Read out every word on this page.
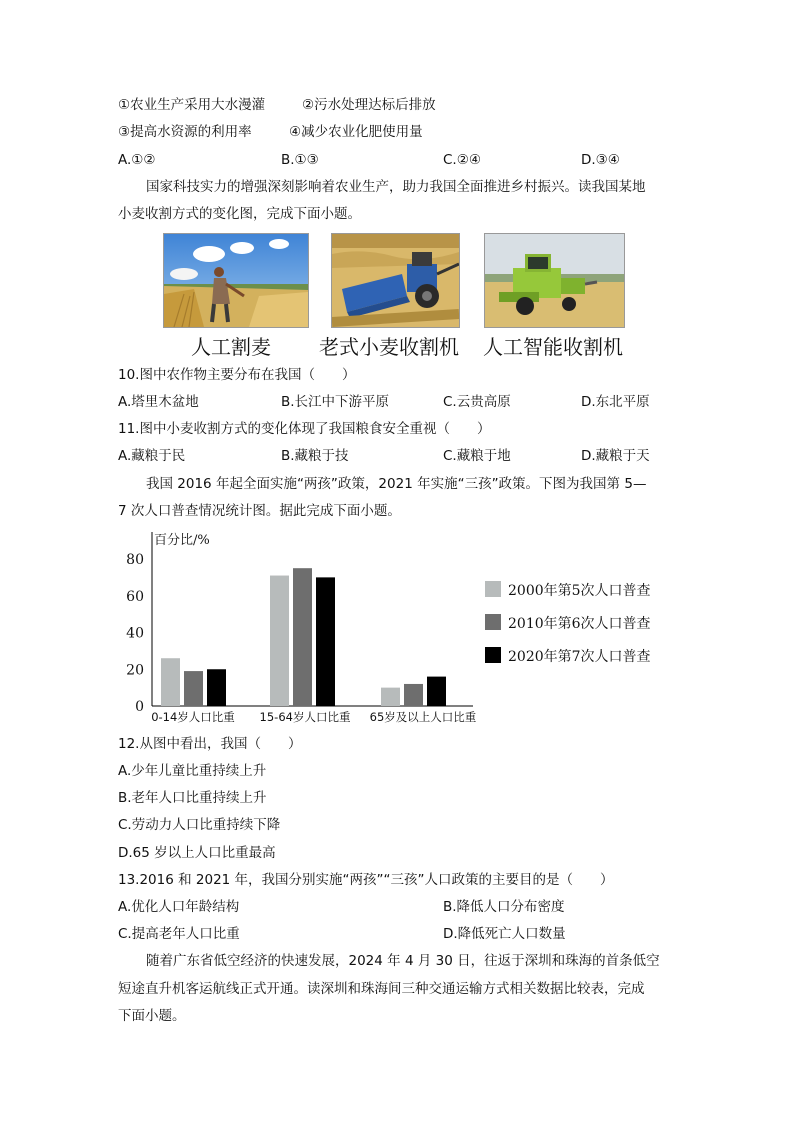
①农业生产采用大水漫灌	②污水处理达标后排放
③提高水资源的利用率	④减少农业化肥使用量
A.①②	B.①③	C.②④	D.③④
国家科技实力的增强深刻影响着农业生产，助力我国全面推进乡村振兴。读我国某地
小麦收割方式的变化图，完成下面小题。
人工割麦 老式小麦收割机 人工智能收割机
10.图中农作物主要分布在我国（　　）
A.塔里木盆地	B.长江中下游平原	C.云贵高原	D.东北平原
11.图中小麦收割方式的变化体现了我国粮食安全重视（　　）
A.藏粮于民	B.藏粮于技	C.藏粮于地	D.藏粮于天
我国 2016 年起全面实施“两孩”政策，2021 年实施“三孩”政策。下图为我国第 5—
7 次人口普查情况统计图。据此完成下面小题。
百分比/%
0
20
40
60
80
0-14岁人口比重 15-64岁人口比重 65岁及以上人口比重
2000年第5次人口普查
2010年第6次人口普查
2020年第7次人口普查
12.从图中看出，我国（　　）
A.少年儿童比重持续上升
B.老年人口比重持续上升
C.劳动力人口比重持续下降
D.65 岁以上人口比重最高
13.2016 和 2021 年，我国分别实施“两孩”“三孩”人口政策的主要目的是（　　）
A.优化人口年龄结构	B.降低人口分布密度
C.提高老年人口比重	D.降低死亡人口数量
随着广东省低空经济的快速发展，2024 年 4 月 30 日，往返于深圳和珠海的首条低空
短途直升机客运航线正式开通。读深圳和珠海间三种交通运输方式相关数据比较表，完成
下面小题。
